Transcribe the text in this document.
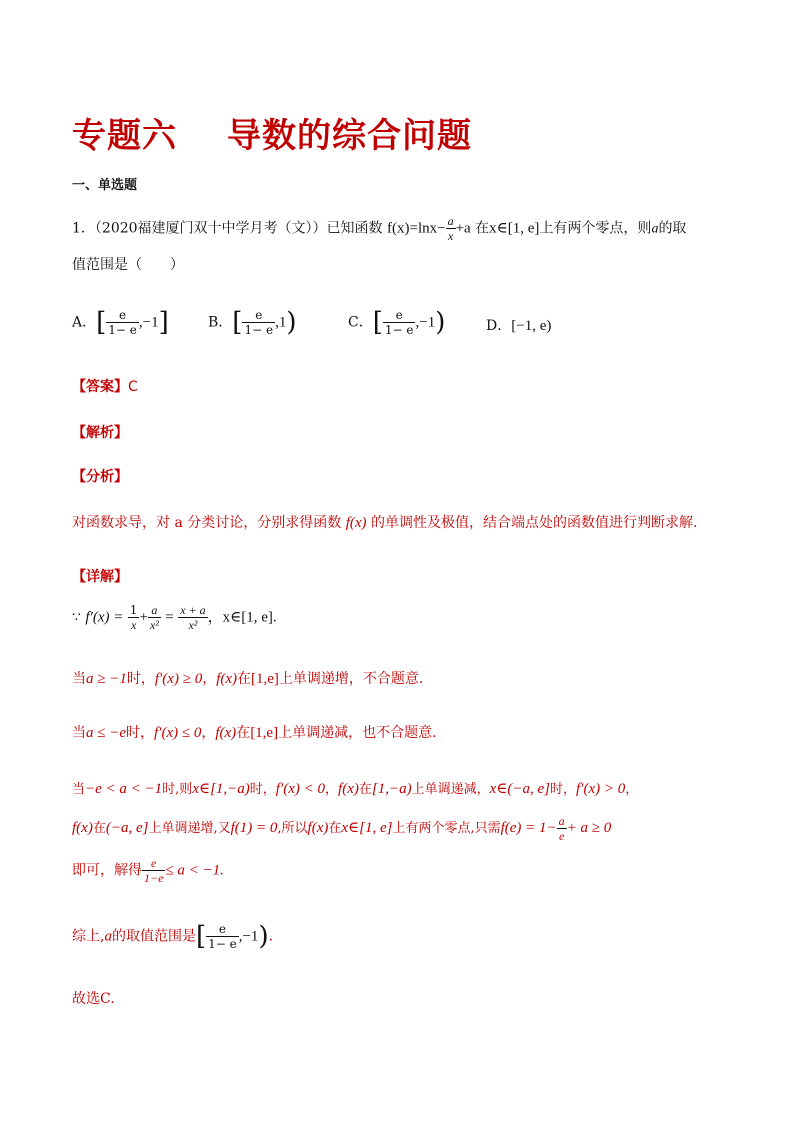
专题六 导数的综合问题
一、单选题
1．（2020福建厦门双十中学月考（文））已知函数 $f(x)=\ln x- \frac{a}{x} +a$ 在x∈[1, e]上有两个零点，则a的取
值范围是（　　）
A．[ $\frac{e}{1- e} ,-1$]	B．[ $\frac{e}{1- e} ,1$)	C．[ $\frac{e}{1- e} ,-1$)	D．[−1, e)
【答案】C
【解析】
【分析】
对函数求导，对 a 分类讨论，分别求得函数 f(x) 的单调性及极值，结合端点处的函数值进行判断求解.
【详解】
∵ $f'(x) = \frac{1}{x} + \frac{a}{\text{x²}} = \frac{x + a}{\text{x²}}$ ，x∈[1, e].
当a ≥ −1时，f′(x) ≥ 0，f(x)在[1,e]上单调递增，不合题意.
当a ≤ −e时，f′(x) ≤ 0，f(x)在[1,e]上单调递减，也不合题意.
当−e < a < −1时,则x∈[1,−a)时，f′(x) < 0，f(x)在[1,−a)上单调递减，x∈(−a, e]时，f′(x) > 0，
f(x)在(−a, e]上单调递增,又f(1) = 0,所以f(x)在x∈[1, e]上有两个零点,只需$f(e) = 1- \frac{a}{e} + a \ge 0$
即可，解得 $\frac{e}{1-e} \le a < -1$.
综上,a的取值范围是[ $\frac{e}{1- e} ,-1$).
故选C.
